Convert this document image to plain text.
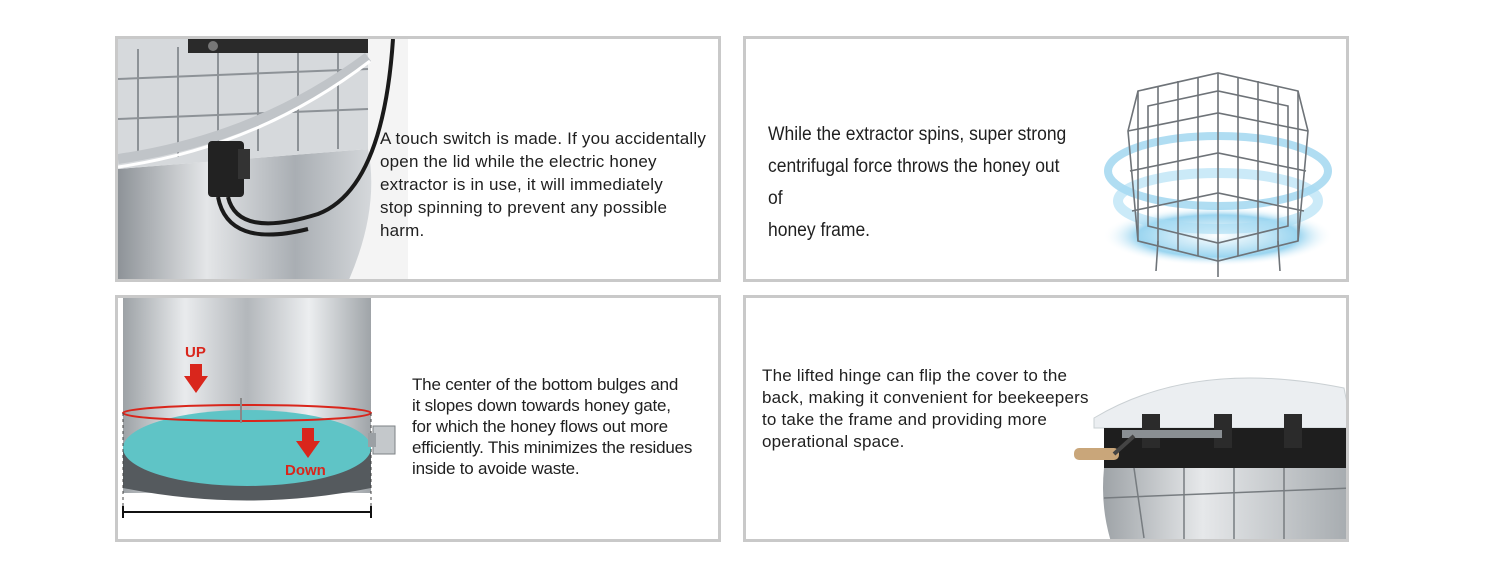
A touch switch is made. If you accidentally
open the lid while the electric honey
extractor is in use, it will immediately
stop spinning to prevent any possible
harm.
While the extractor spins, super strong
centrifugal force throws the honey out of
honey frame.
UP
Down
The center of the bottom bulges and
it slopes down towards honey gate,
for which the honey flows out more
efficiently. This minimizes the residues
inside to avoide waste.
The lifted hinge can flip the cover to the
back, making it convenient for beekeepers
to take the frame and providing more
operational space.
